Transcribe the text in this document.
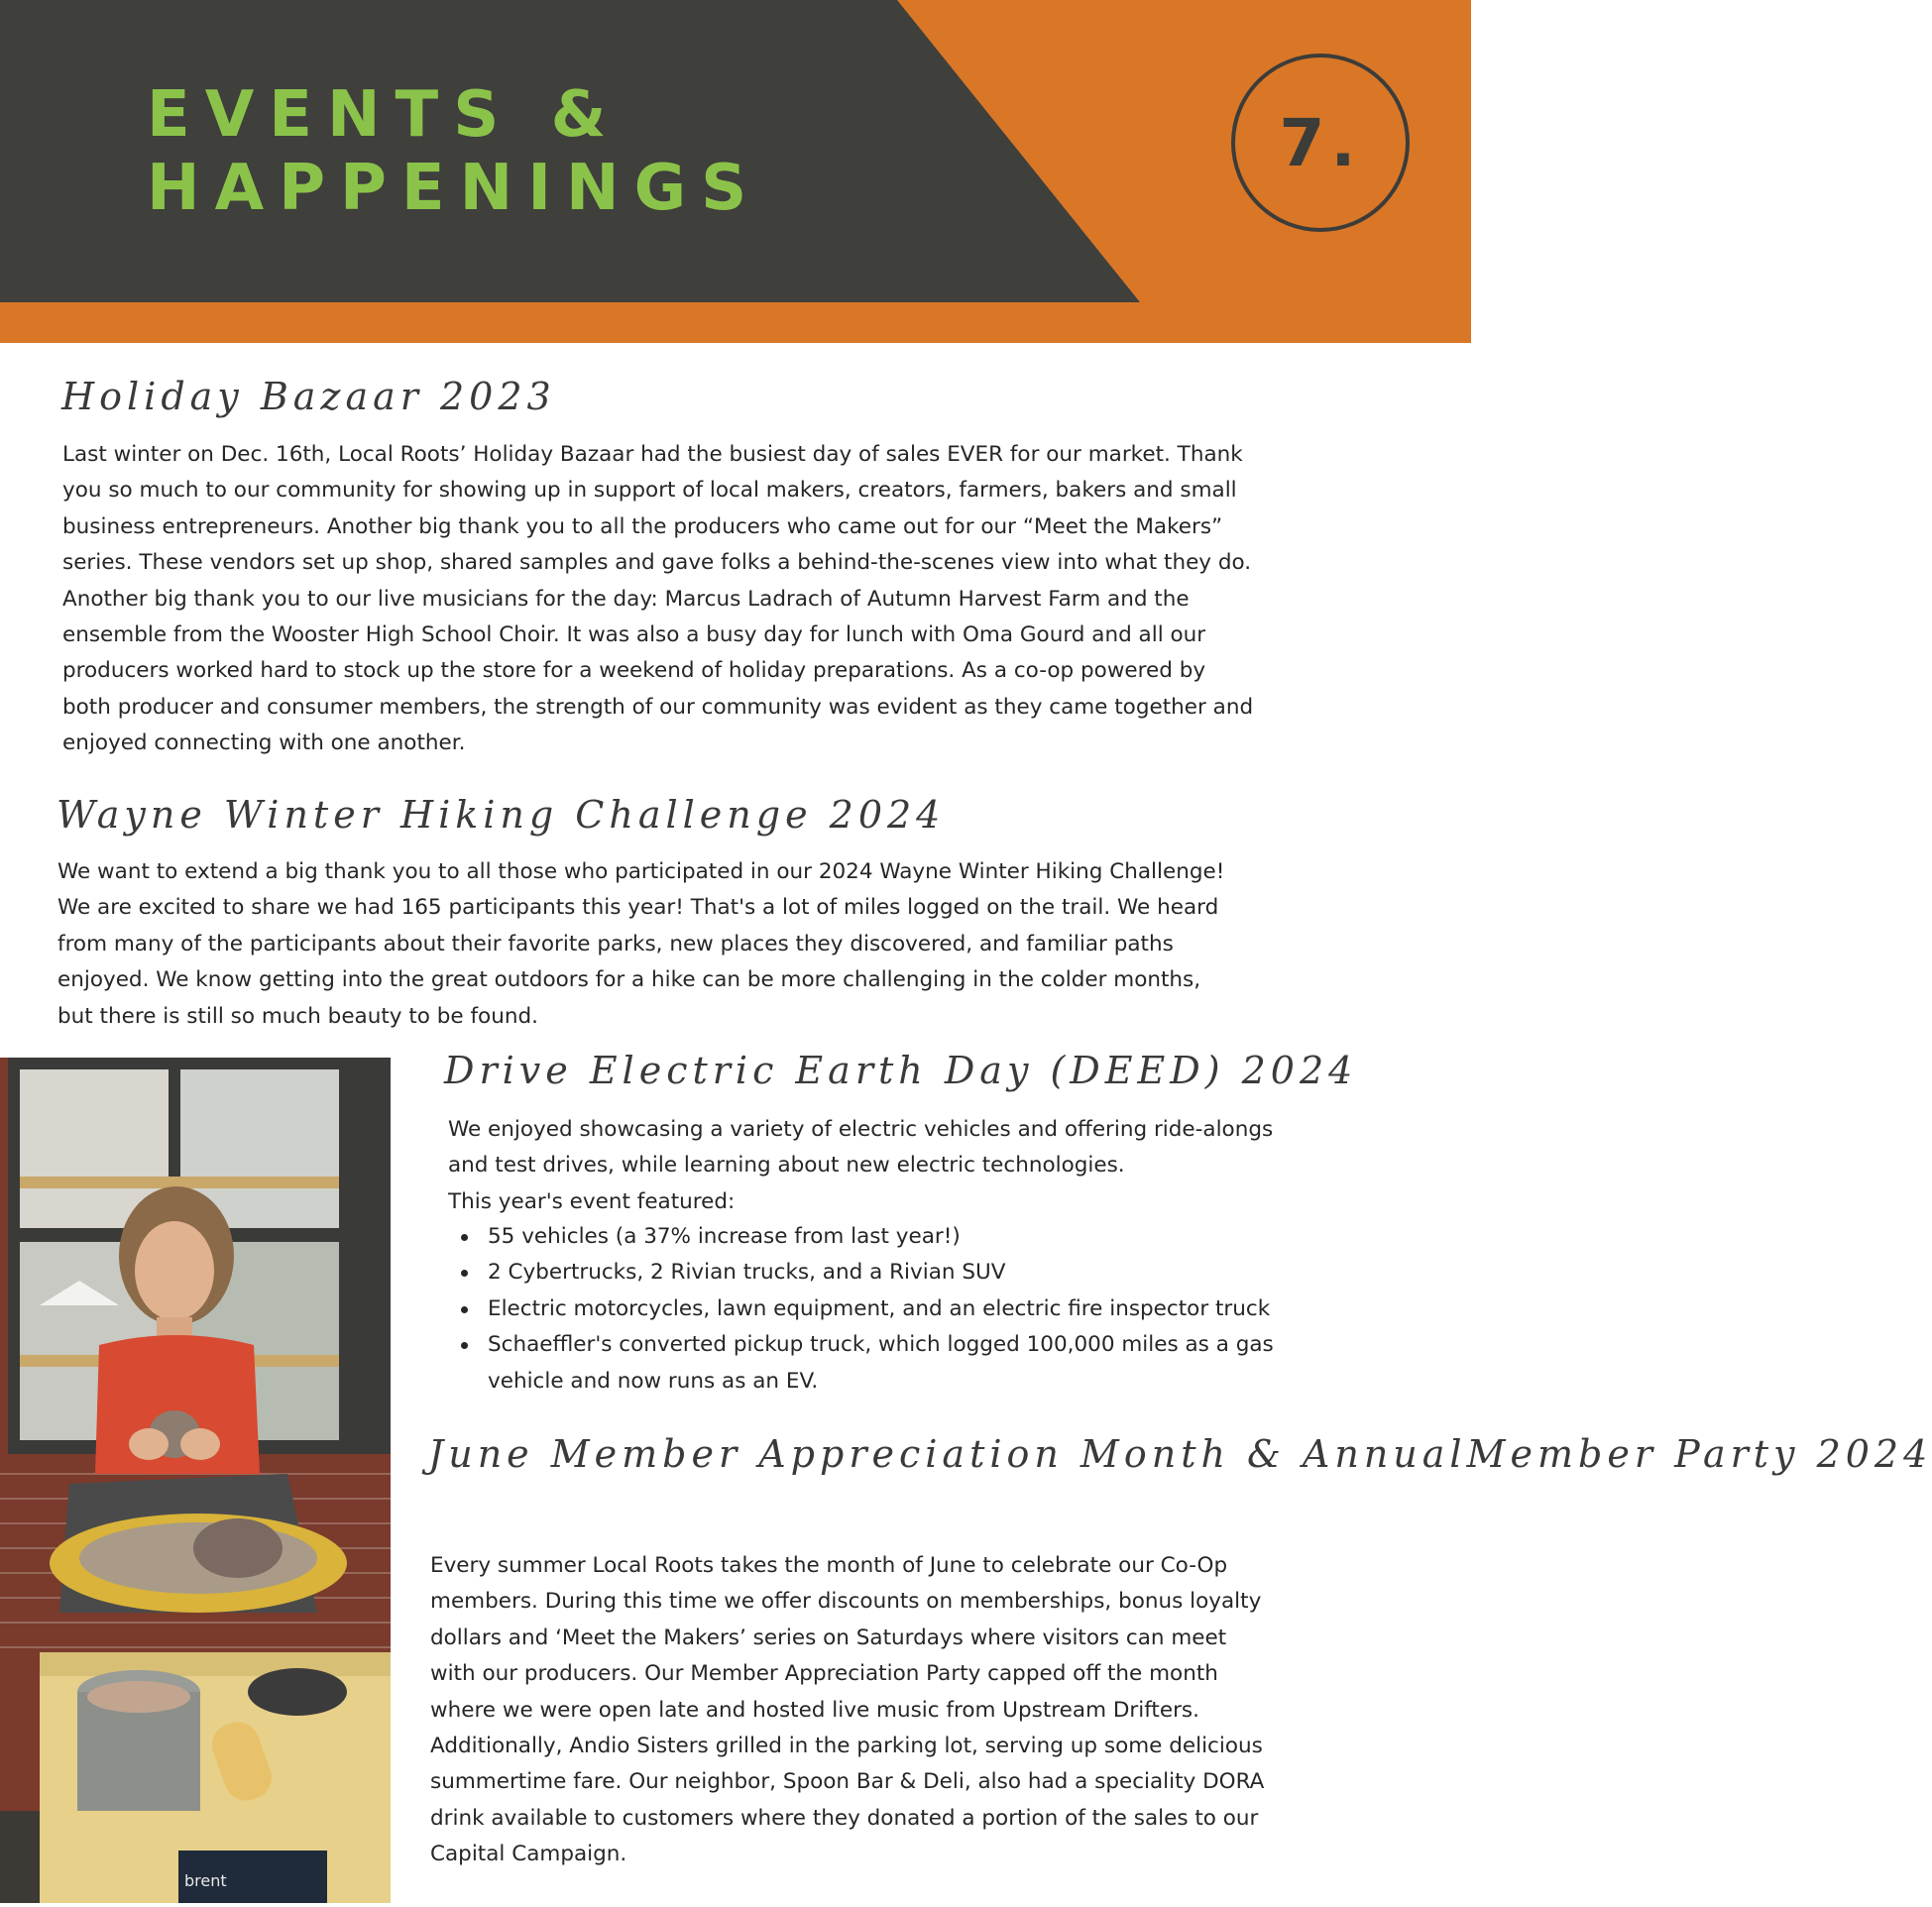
EVENTS &
HAPPENINGS
7.
Holiday Bazaar 2023
Last winter on Dec. 16th, Local Roots’ Holiday Bazaar had the busiest day of sales EVER for our market. Thank
you so much to our community for showing up in support of local makers, creators, farmers, bakers and small
business entrepreneurs. Another big thank you to all the producers who came out for our “Meet the Makers”
series. These vendors set up shop, shared samples and gave folks a behind-the-scenes view into what they do.
Another big thank you to our live musicians for the day: Marcus Ladrach of Autumn Harvest Farm and the
ensemble from the Wooster High School Choir. It was also a busy day for lunch with Oma Gourd and all our
producers worked hard to stock up the store for a weekend of holiday preparations. As a co-op powered by
both producer and consumer members, the strength of our community was evident as they came together and
enjoyed connecting with one another.
Wayne Winter Hiking Challenge 2024
We want to extend a big thank you to all those who participated in our 2024 Wayne Winter Hiking Challenge!
We are excited to share we had 165 participants this year! That's a lot of miles logged on the trail. We heard
from many of the participants about their favorite parks, new places they discovered, and familiar paths
enjoyed. We know getting into the great outdoors for a hike can be more challenging in the colder months,
but there is still so much beauty to be found.
brent
Drive Electric Earth Day (DEED) 2024
We enjoyed showcasing a variety of electric vehicles and offering ride-alongs
and test drives, while learning about new electric technologies.
This year's event featured:
55 vehicles (a 37% increase from last year!)
2 Cybertrucks, 2 Rivian trucks, and a Rivian SUV
Electric motorcycles, lawn equipment, and an electric fire inspector truck
Schaeffler's converted pickup truck, which logged 100,000 miles as a gas
vehicle and now runs as an EV.
June Member Appreciation Month & AnnualMember Party 2024
Every summer Local Roots takes the month of June to celebrate our Co-Op
members. During this time we offer discounts on memberships, bonus loyalty
dollars and ‘Meet the Makers’ series on Saturdays where visitors can meet
with our producers. Our Member Appreciation Party capped off the month
where we were open late and hosted live music from Upstream Drifters.
Additionally, Andio Sisters grilled in the parking lot, serving up some delicious
summertime fare. Our neighbor, Spoon Bar & Deli, also had a speciality DORA
drink available to customers where they donated a portion of the sales to our
Capital Campaign.
